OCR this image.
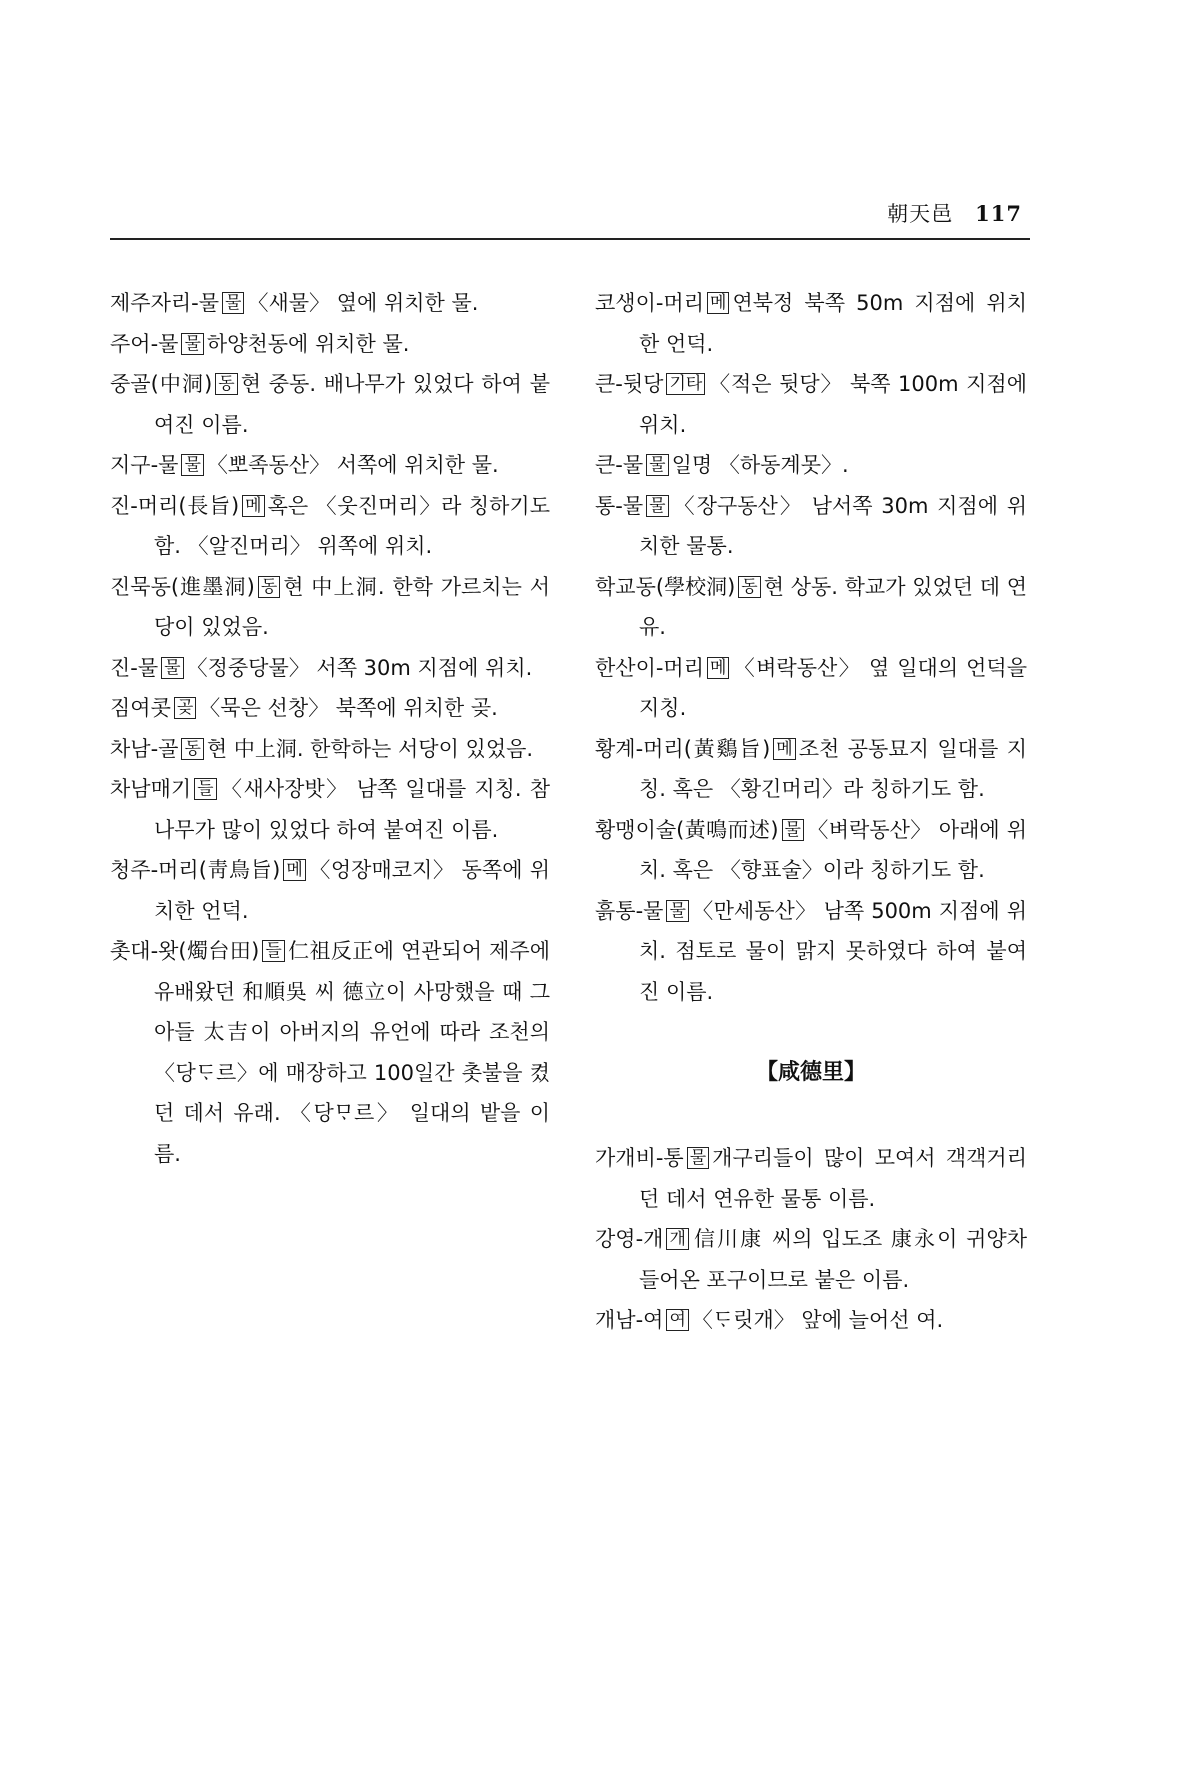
朝天邑 117

제주자리-물 물 〈새물〉 옆에 위치한 물.

주어-물 물 하양천동에 위치한 물.

중골(中洞) 동 현 중동. 배나무가 있었다 하여 붙여진 이름.

지구-물 물 〈뽀족동산〉 서쪽에 위치한 물.

진-머리(長旨) 메 혹은 〈웃진머리〉라 칭하기도 함. 〈알진머리〉 위쪽에 위치.

진묵동(進墨洞) 동 현 中上洞. 한학 가르치는 서당이 있었음.

진-물 물 〈정중당물〉 서쪽 30m 지점에 위치.

짐여콧 곶 〈묵은 선창〉 북쪽에 위치한 곶.

차남-골 동 현 中上洞. 한학하는 서당이 있었음.

차남매기 들 〈새사장밧〉 남쪽 일대를 지칭. 참나무가 많이 있었다 하여 붙여진 이름.

청주-머리(靑鳥旨) 메 〈엉장매코지〉 동쪽에 위치한 언덕.

촛대-왓(燭台田) 들 仁祖反正에 연관되어 제주에 유배왔던 和順吳 씨 德立이 사망했을 때 그 아들 太吉이 아버지의 유언에 따라 조천의 〈당ᄃᆞ르〉에 매장하고 100일간 촛불을 켰던 데서 유래. 〈당ᄆᆞ르〉 일대의 밭을 이름.

코생이-머리 메 연북정 북쪽 50m 지점에 위치한 언덕.

큰-뒷당 기타 〈적은 뒷당〉 북쪽 100m 지점에 위치.

큰-물 물 일명 〈하동계못〉.

통-물 물 〈장구동산〉 남서쪽 30m 지점에 위치한 물통.

학교동(學校洞) 동 현 상동. 학교가 있었던 데 연유.

한산이-머리 메 〈벼락동산〉 옆 일대의 언덕을 지칭.

황계-머리(黃鷄旨) 메 조천 공동묘지 일대를 지칭. 혹은 〈황긴머리〉라 칭하기도 함.

황맹이술(黃鳴而述) 물 〈벼락동산〉 아래에 위치. 혹은 〈향표술〉이라 칭하기도 함.

흙통-물 물 〈만세동산〉 남쪽 500m 지점에 위치. 점토로 물이 맑지 못하였다 하여 붙여진 이름.

【咸德里】

가개비-통 물 개구리들이 많이 모여서 객객거리던 데서 연유한 물통 이름.

강영-개 개 信川康 씨의 입도조 康永이 귀양차 들어온 포구이므로 붙은 이름.

개남-여 여 〈ᄃᆞ릿개〉 앞에 늘어선 여.
